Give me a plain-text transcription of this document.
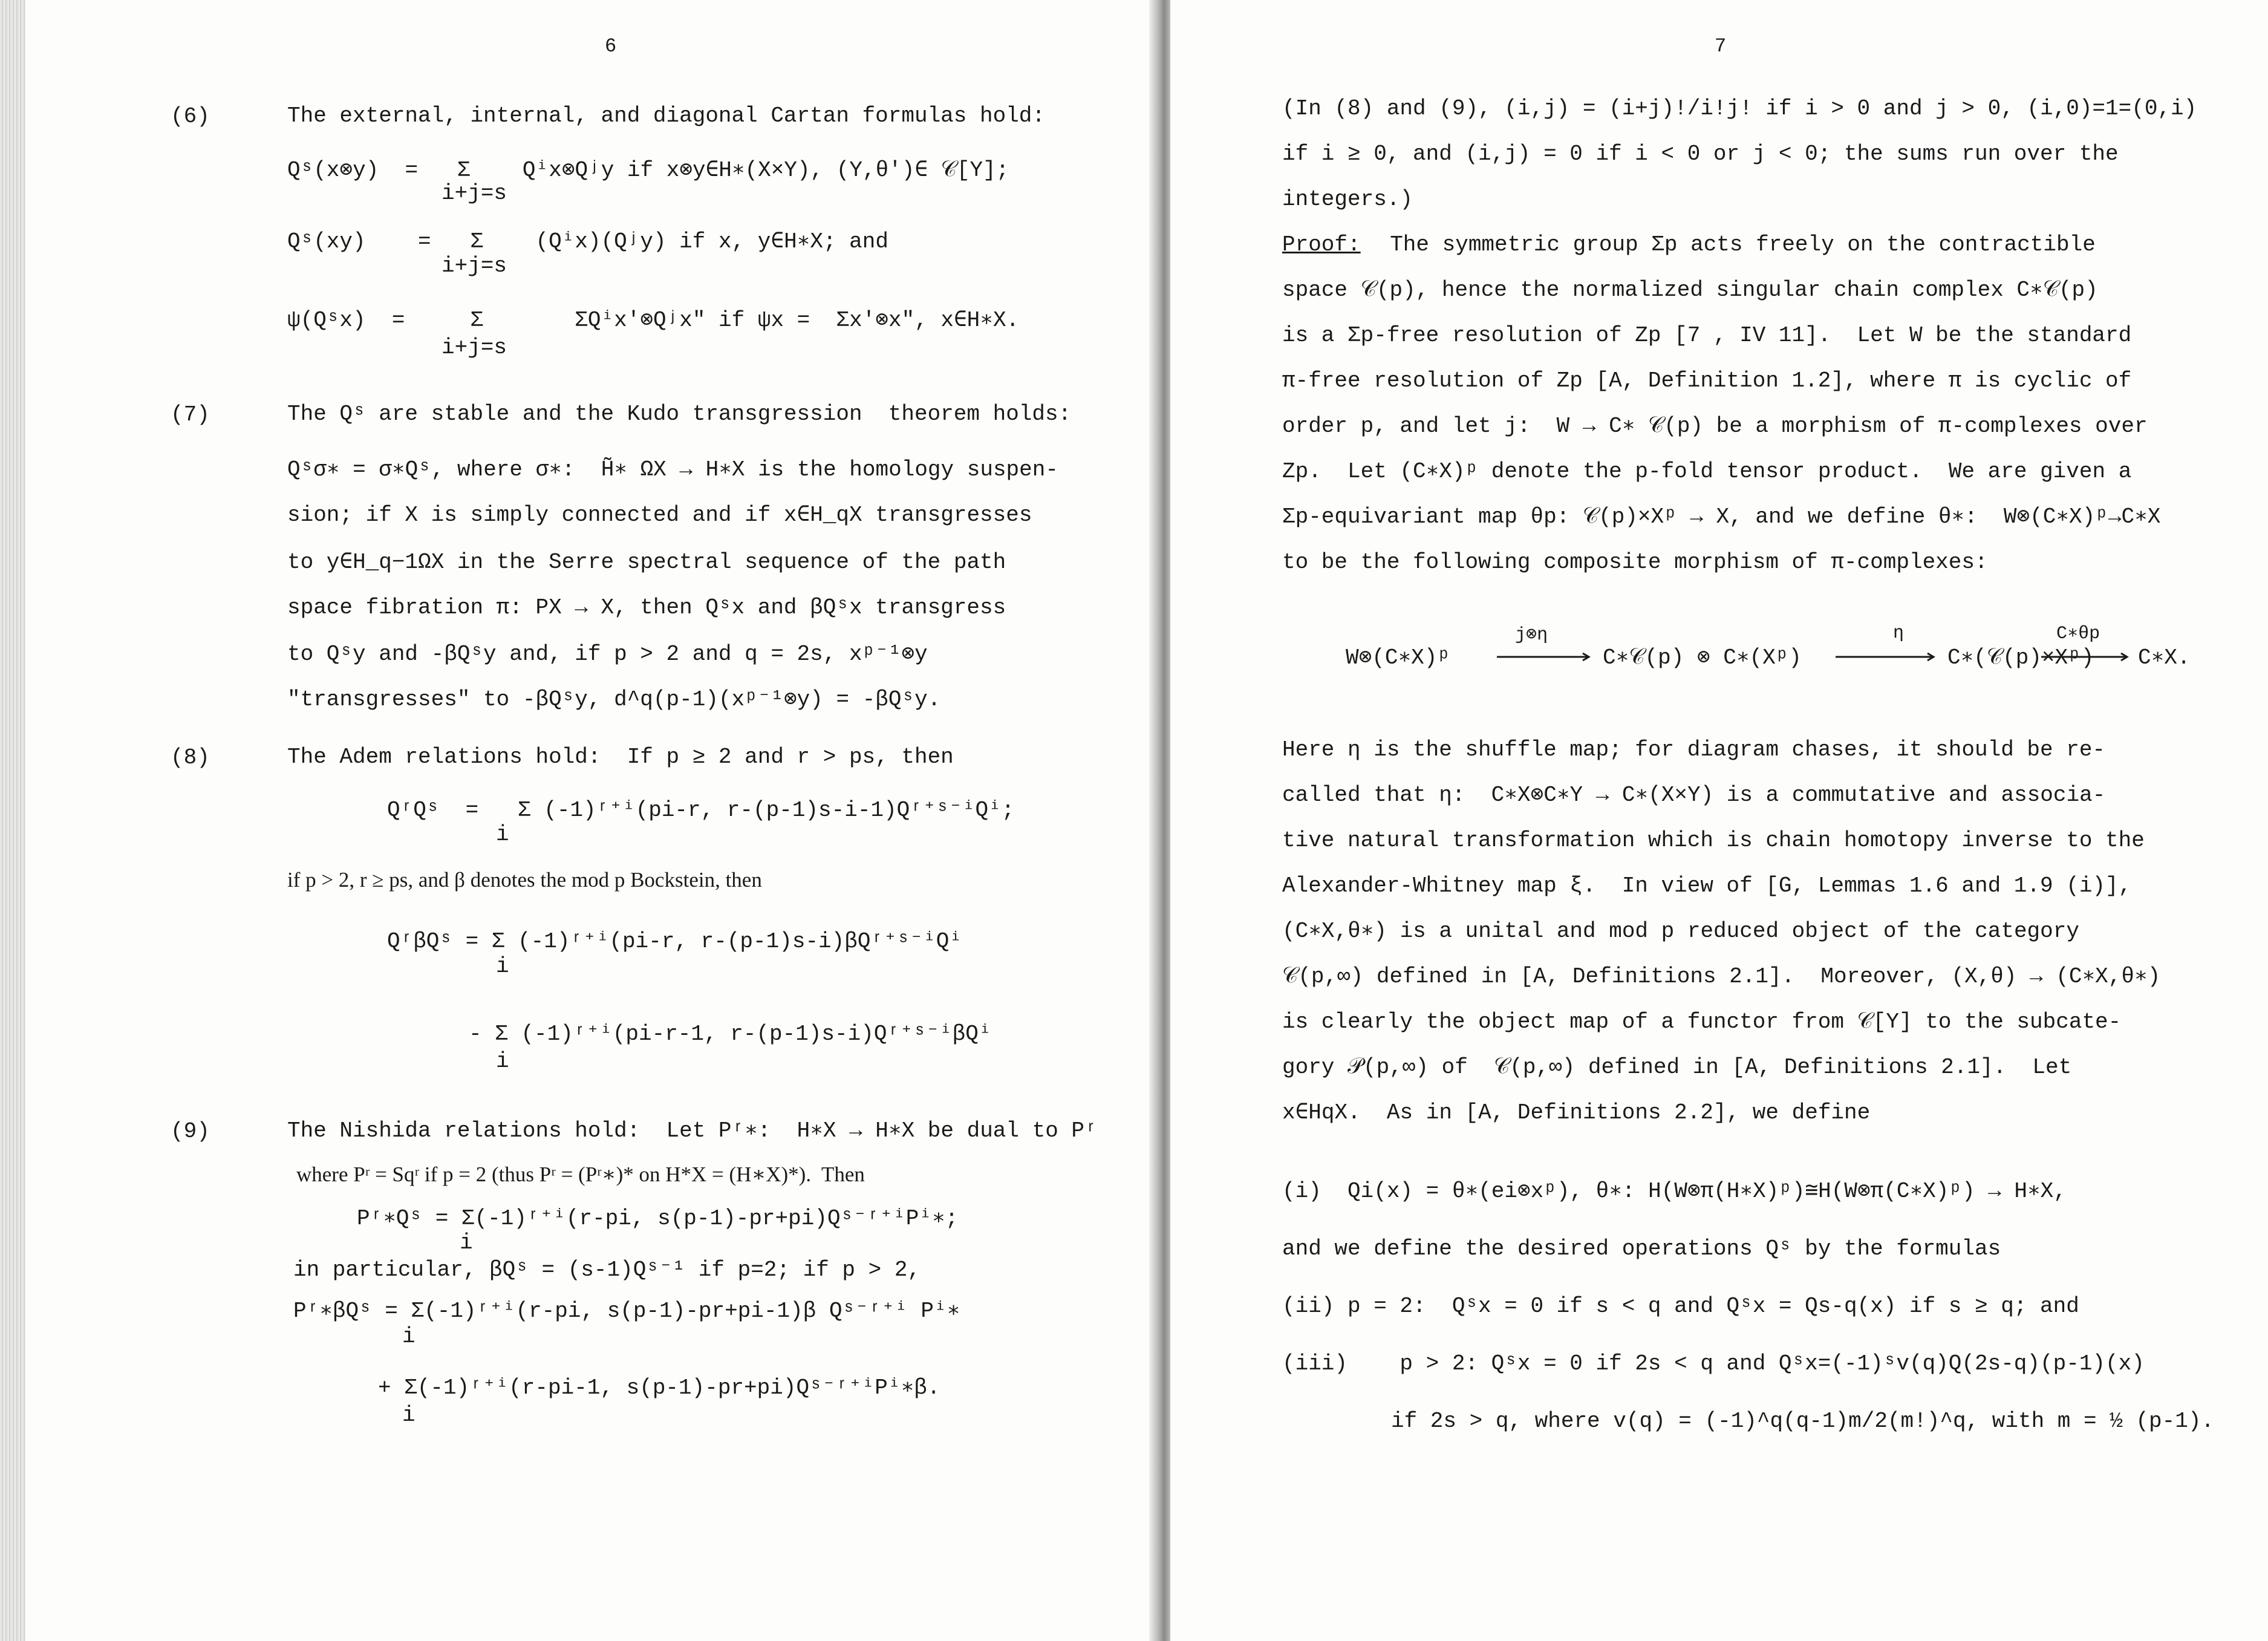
6
(6)	The external, internal, and diagonal Cartan formulas hold:
Qˢ(x⊗y)  =   Σ    Qⁱx⊗Qʲy if x⊗y∈H∗(X×Y), (Y,θ')∈ 𝒞[Υ];
i+j=s
Qˢ(xy)    =   Σ    (Qⁱx)(Qʲy) if x, y∈H∗X; and
i+j=s
ψ(Qˢx)  =     Σ       ΣQⁱx'⊗Qʲx" if ψx =  Σx'⊗x", x∈H∗X.
i+j=s
(7)	The Qˢ are stable and the Kudo transgression  theorem holds:
Qˢσ∗ = σ∗Qˢ, where σ∗:  H̃∗ ΩX → H∗X is the homology suspen-
sion; if X is simply connected and if x∈H_qX transgresses
to y∈H_q−1ΩX in the Serre spectral sequence of the path
space fibration π: PX → X, then Qˢx and βQˢx transgress
to Qˢy and -βQˢy and, if p > 2 and q = 2s, xᵖ⁻¹⊗y
"transgresses" to -βQˢy, d^q(p-1)(xᵖ⁻¹⊗y) = -βQˢy.
(8)	The Adem relations hold:  If p ≥ 2 and r > ps, then
QʳQˢ  =   Σ (-1)ʳ⁺ⁱ(pi-r, r-(p-1)s-i-1)Qʳ⁺ˢ⁻ⁱQⁱ;
i
if p > 2, r ≥ ps, and β denotes the mod p Bockstein, then
QʳβQˢ = Σ (-1)ʳ⁺ⁱ(pi-r, r-(p-1)s-i)βQʳ⁺ˢ⁻ⁱQⁱ
i
- Σ (-1)ʳ⁺ⁱ(pi-r-1, r-(p-1)s-i)Qʳ⁺ˢ⁻ⁱβQⁱ
i
(9)	The Nishida relations hold:  Let Pʳ∗:  H∗X → H∗X be dual to Pʳ
where Pʳ = Sqʳ if p = 2 (thus Pʳ = (Pʳ∗)* on H*X = (H∗X)*).  Then
Pʳ∗Qˢ = Σ(-1)ʳ⁺ⁱ(r-pi, s(p-1)-pr+pi)Qˢ⁻ʳ⁺ⁱPⁱ∗;
i
in particular, βQˢ = (s-1)Qˢ⁻¹ if p=2; if p > 2,
Pʳ∗βQˢ = Σ(-1)ʳ⁺ⁱ(r-pi, s(p-1)-pr+pi-1)β Qˢ⁻ʳ⁺ⁱ Pⁱ∗
i
+ Σ(-1)ʳ⁺ⁱ(r-pi-1, s(p-1)-pr+pi)Qˢ⁻ʳ⁺ⁱPⁱ∗β.
i
7
(In (8) and (9), (i,j) = (i+j)!/i!j! if i > 0 and j > 0, (i,0)=1=(0,i)
if i ≥ 0, and (i,j) = 0 if i < 0 or j < 0; the sums run over the
integers.)
Proof: The symmetric group Σp acts freely on the contractible
space 𝒞(p), hence the normalized singular chain complex C∗𝒞(p)
is a Σp-free resolution of Zp [7 , IV 11].  Let W be the standard
π-free resolution of Zp [A, Definition 1.2], where π is cyclic of
order p, and let j:  W → C∗ 𝒞(p) be a morphism of π-complexes over
Zp.  Let (C∗X)ᵖ denote the p-fold tensor product.  We are given a
Σp-equivariant map θp: 𝒞(p)×Xᵖ → X, and we define θ∗:  W⊗(C∗X)ᵖ→C∗X
to be the following composite morphism of π-complexes:
W⊗(C∗X)ᵖ
j⊗η
C∗𝒞(p) ⊗ C∗(Xᵖ)
η
C∗(𝒞(p)×Xᵖ)
C∗θp
C∗X.
Here η is the shuffle map; for diagram chases, it should be re-
called that η:  C∗X⊗C∗Y → C∗(X×Y) is a commutative and associa-
tive natural transformation which is chain homotopy inverse to the
Alexander-Whitney map ξ.  In view of [G, Lemmas 1.6 and 1.9 (i)],
(C∗X,θ∗) is a unital and mod p reduced object of the category
𝒞(p,∞) defined in [A, Definitions 2.1].  Moreover, (X,θ) → (C∗X,θ∗)
is clearly the object map of a functor from 𝒞[Υ] to the subcate-
gory 𝒫(p,∞) of  𝒞(p,∞) defined in [A, Definitions 2.1].  Let
x∈HqX.  As in [A, Definitions 2.2], we define
(i)  Qi(x) = θ∗(ei⊗xᵖ), θ∗: H(W⊗π(H∗X)ᵖ)≅H(W⊗π(C∗X)ᵖ) → H∗X,
and we define the desired operations Qˢ by the formulas
(ii) p = 2:  Qˢx = 0 if s < q and Qˢx = Qs-q(x) if s ≥ q; and
(iii)    p > 2: Qˢx = 0 if 2s < q and Qˢx=(-1)ˢv(q)Q(2s-q)(p-1)(x)
if 2s > q, where v(q) = (-1)^q(q-1)m/2(m!)^q, with m = ½ (p-1).
